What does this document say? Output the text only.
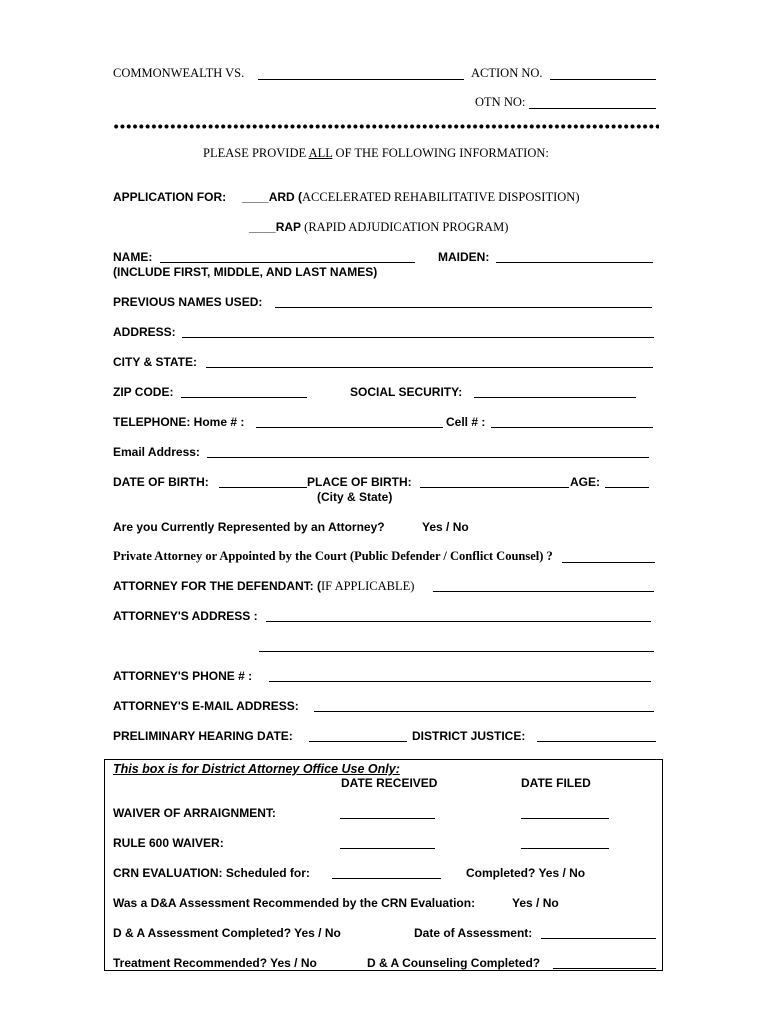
COMMONWEALTH VS.	ACTION NO.
OTN NO:
PLEASE PROVIDE ALL OF THE FOLLOWING INFORMATION:
APPLICATION FOR: ____ARD (ACCELERATED REHABILITATIVE DISPOSITION)
____RAP (RAPID ADJUDICATION PROGRAM)
NAME:	MAIDEN:
(INCLUDE FIRST, MIDDLE, AND LAST NAMES)
PREVIOUS NAMES USED:
ADDRESS:
CITY & STATE:
ZIP CODE:	SOCIAL SECURITY:
TELEPHONE: Home # :	Cell # :
Email Address:
DATE OF BIRTH:	PLACE OF BIRTH:	AGE:
(City & State)
Are you Currently Represented by an Attorney?	Yes / No
Private Attorney or Appointed by the Court (Public Defender / Conflict Counsel) ?
ATTORNEY FOR THE DEFENDANT: (IF APPLICABLE)
ATTORNEY'S ADDRESS :
ATTORNEY'S PHONE # :
ATTORNEY'S E-MAIL ADDRESS:
PRELIMINARY HEARING DATE:	DISTRICT JUSTICE:
This box is for District Attorney Office Use Only:
DATE RECEIVED	DATE FILED
WAIVER OF ARRAIGNMENT:
RULE 600 WAIVER:
CRN EVALUATION: Scheduled for:	Completed? Yes / No
Was a D&A Assessment Recommended by the CRN Evaluation:	Yes / No
D & A Assessment Completed? Yes / No	Date of Assessment:
Treatment Recommended? Yes / No	D & A Counseling Completed?
